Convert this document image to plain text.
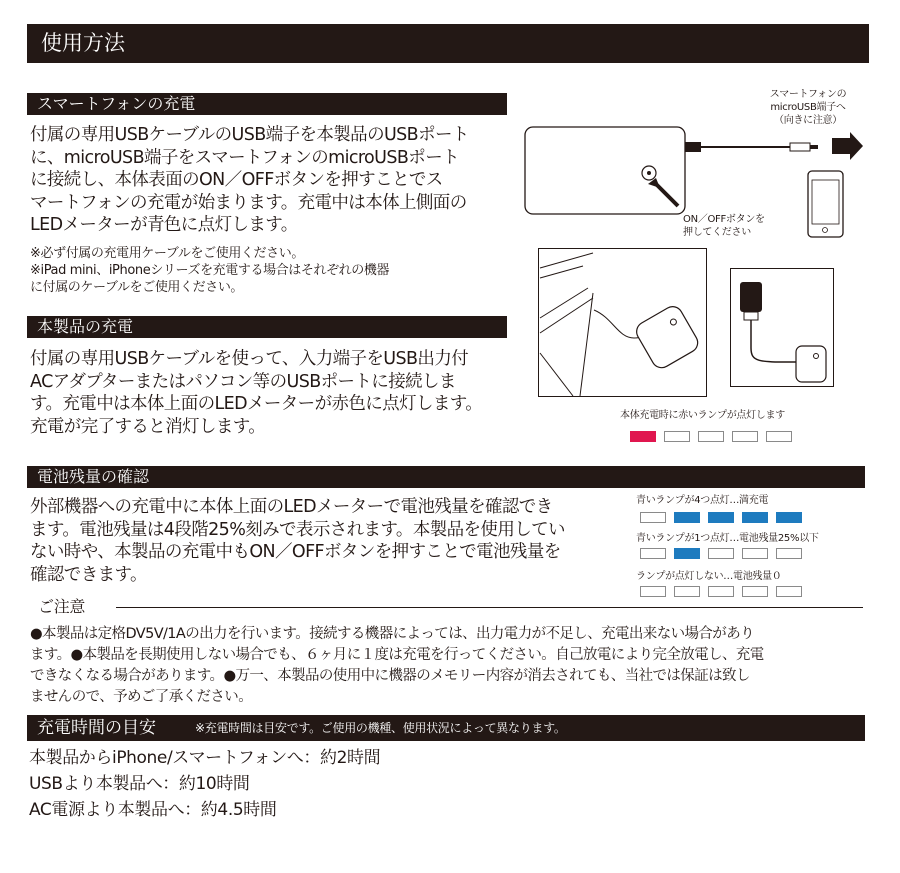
使用方法
スマートフォンの充電
付属の専用USBケーブルのUSB端子を本製品のUSBポート
に、microUSB端子をスマートフォンのmicroUSBポート
に接続し、本体表面のON／OFFボタンを押すことでス
マートフォンの充電が始まります。充電中は本体上側面の
LEDメーターが青色に点灯します。
※必ず付属の充電用ケーブルをご使用ください。
※iPad mini、iPhoneシリーズを充電する場合はそれぞれの機器
に付属のケーブルをご使用ください。
本製品の充電
付属の専用USBケーブルを使って、入力端子をUSB出力付
ACアダプターまたはパソコン等のUSBポートに接続しま
す。充電中は本体上面のLEDメーターが赤色に点灯します。
充電が完了すると消灯します。
スマートフォンの
microUSB端子へ
（向きに注意）
ON／OFFボタンを
押してください
本体充電時に赤いランプが点灯します
電池残量の確認
外部機器への充電中に本体上面のLEDメーターで電池残量を確認でき
ます。電池残量は4段階25%刻みで表示されます。本製品を使用してい
ない時や、本製品の充電中もON／OFFボタンを押すことで電池残量を
確認できます。
青いランプが4つ点灯…満充電
青いランプが1つ点灯…電池残量25%以下
ランプが点灯しない…電池残量０
ご注意
●本製品は定格DV5V/1Aの出力を行います。接続する機器によっては、出力電力が不足し、充電出来ない場合があり
ます。●本製品を長期使用しない場合でも、６ヶ月に１度は充電を行ってください。自己放電により完全放電し、充電
できなくなる場合があります。●万一、本製品の使用中に機器のメモリー内容が消去されても、当社では保証は致し
ませんので、予めご了承ください。
充電時間の目安	※充電時間は目安です。ご使用の機種、使用状況によって異なります。
本製品からiPhone/スマートフォンへ：約2時間
USBより本製品へ：約10時間
AC電源より本製品へ：約4.5時間
